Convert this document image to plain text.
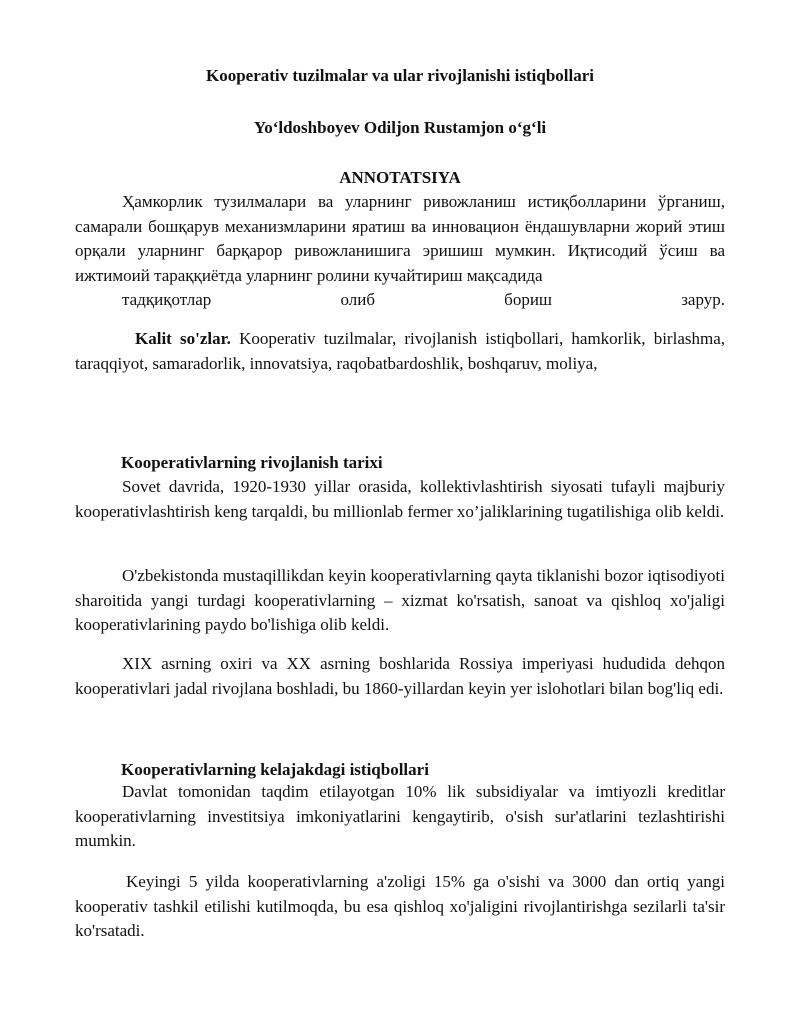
Kooperativ tuzilmalar va ular rivojlanishi istiqbollari
Yo‘ldoshboyev Odiljon Rustamjon o‘g‘li
ANNOTATSIYA
Ҳамкорлик тузилмалари ва уларнинг ривожланиш истиқболларини ўрганиш, самарали бошқарув механизмларини яратиш ва инновацион ёндашувларни жорий этиш орқали уларнинг барқарор ривожланишига эришиш мумкин. Иқтисодий ўсиш ва ижтимоий тараққиётда уларнинг ролини кучайтириш мақсадида
тадқиқотлар олиб бориш зарур.
Kalit so'zlar. Kooperativ tuzilmalar, rivojlanish istiqbollari, hamkorlik, birlashma, taraqqiyot, samaradorlik, innovatsiya, raqobatbardoshlik, boshqaruv, moliya,
Kooperativlarning rivojlanish tarixi
Sovet davrida, 1920-1930 yillar orasida, kollektivlashtirish siyosati tufayli majburiy kooperativlashtirish keng tarqaldi, bu millionlab fermer xo’jaliklarining tugatilishiga olib keldi.
O'zbekistonda mustaqillikdan keyin kooperativlarning qayta tiklanishi bozor iqtisodiyoti sharoitida yangi turdagi kooperativlarning – xizmat ko'rsatish, sanoat va qishloq xo'jaligi kooperativlarining paydo bo'lishiga olib keldi.
XIX asrning oxiri va XX asrning boshlarida Rossiya imperiyasi hududida dehqon kooperativlari jadal rivojlana boshladi, bu 1860-yillardan keyin yer islohotlari bilan bog'liq edi.
Kooperativlarning kelajakdagi istiqbollari
Davlat tomonidan taqdim etilayotgan 10% lik subsidiyalar va imtiyozli kreditlar kooperativlarning investitsiya imkoniyatlarini kengaytirib, o'sish sur'atlarini tezlashtirishi mumkin.
Keyingi 5 yilda kooperativlarning a'zoligi 15% ga o'sishi va 3000 dan ortiq yangi kooperativ tashkil etilishi kutilmoqda, bu esa qishloq xo'jaligini rivojlantirishga sezilarli ta'sir ko'rsatadi.
